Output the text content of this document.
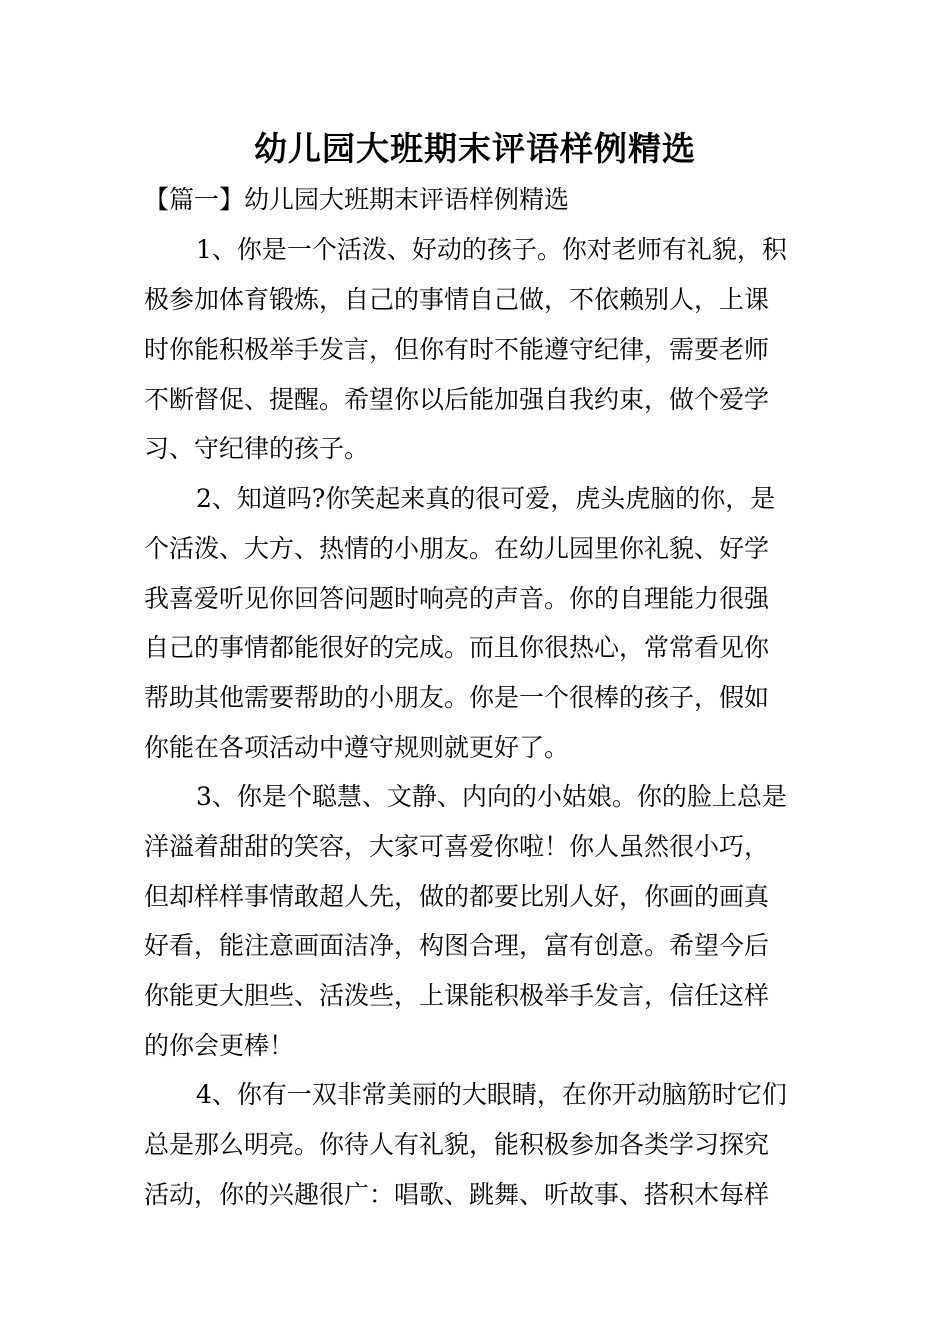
幼儿园大班期末评语样例精选
【篇一】幼儿园大班期末评语样例精选
1、你是一个活泼、好动的孩子。你对老师有礼貌，积
极参加体育锻炼，自己的事情自己做，不依赖别人，上课
时你能积极举手发言，但你有时不能遵守纪律，需要老师
不断督促、提醒。希望你以后能加强自我约束，做个爱学
习、守纪律的孩子。
2、知道吗?你笑起来真的很可爱，虎头虎脑的你，是
个活泼、大方、热情的小朋友。在幼儿园里你礼貌、好学
我喜爱听见你回答问题时响亮的声音。你的自理能力很强
自己的事情都能很好的完成。而且你很热心，常常看见你
帮助其他需要帮助的小朋友。你是一个很棒的孩子，假如
你能在各项活动中遵守规则就更好了。
3、你是个聪慧、文静、内向的小姑娘。你的脸上总是
洋溢着甜甜的笑容，大家可喜爱你啦！你人虽然很小巧，
但却样样事情敢超人先，做的都要比别人好，你画的画真
好看，能注意画面洁净，构图合理，富有创意。希望今后
你能更大胆些、活泼些，上课能积极举手发言，信任这样
的你会更棒！
4、你有一双非常美丽的大眼睛，在你开动脑筋时它们
总是那么明亮。你待人有礼貌，能积极参加各类学习探究
活动，你的兴趣很广：唱歌、跳舞、听故事、搭积木每样
